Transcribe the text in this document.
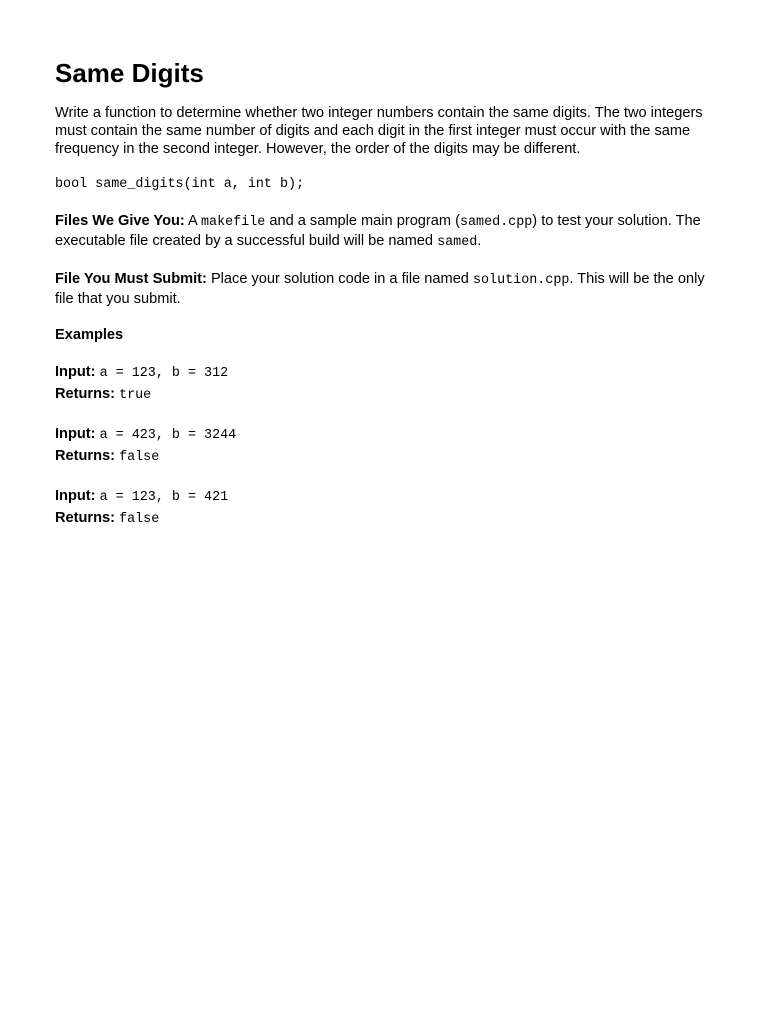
Same Digits

Write a function to determine whether two integer numbers contain the same digits. The two integers must contain the same number of digits and each digit in the first integer must occur with the same frequency in the second integer. However, the order of the digits may be different.

bool same_digits(int a, int b);

Files We Give You: A makefile and a sample main program (samed.cpp) to test your solution. The executable file created by a successful build will be named samed.

File You Must Submit: Place your solution code in a file named solution.cpp. This will be the only file that you submit.

Examples

Input: a = 123, b = 312

Returns: true

Input: a = 423, b = 3244

Returns: false

Input: a = 123, b = 421

Returns: false
